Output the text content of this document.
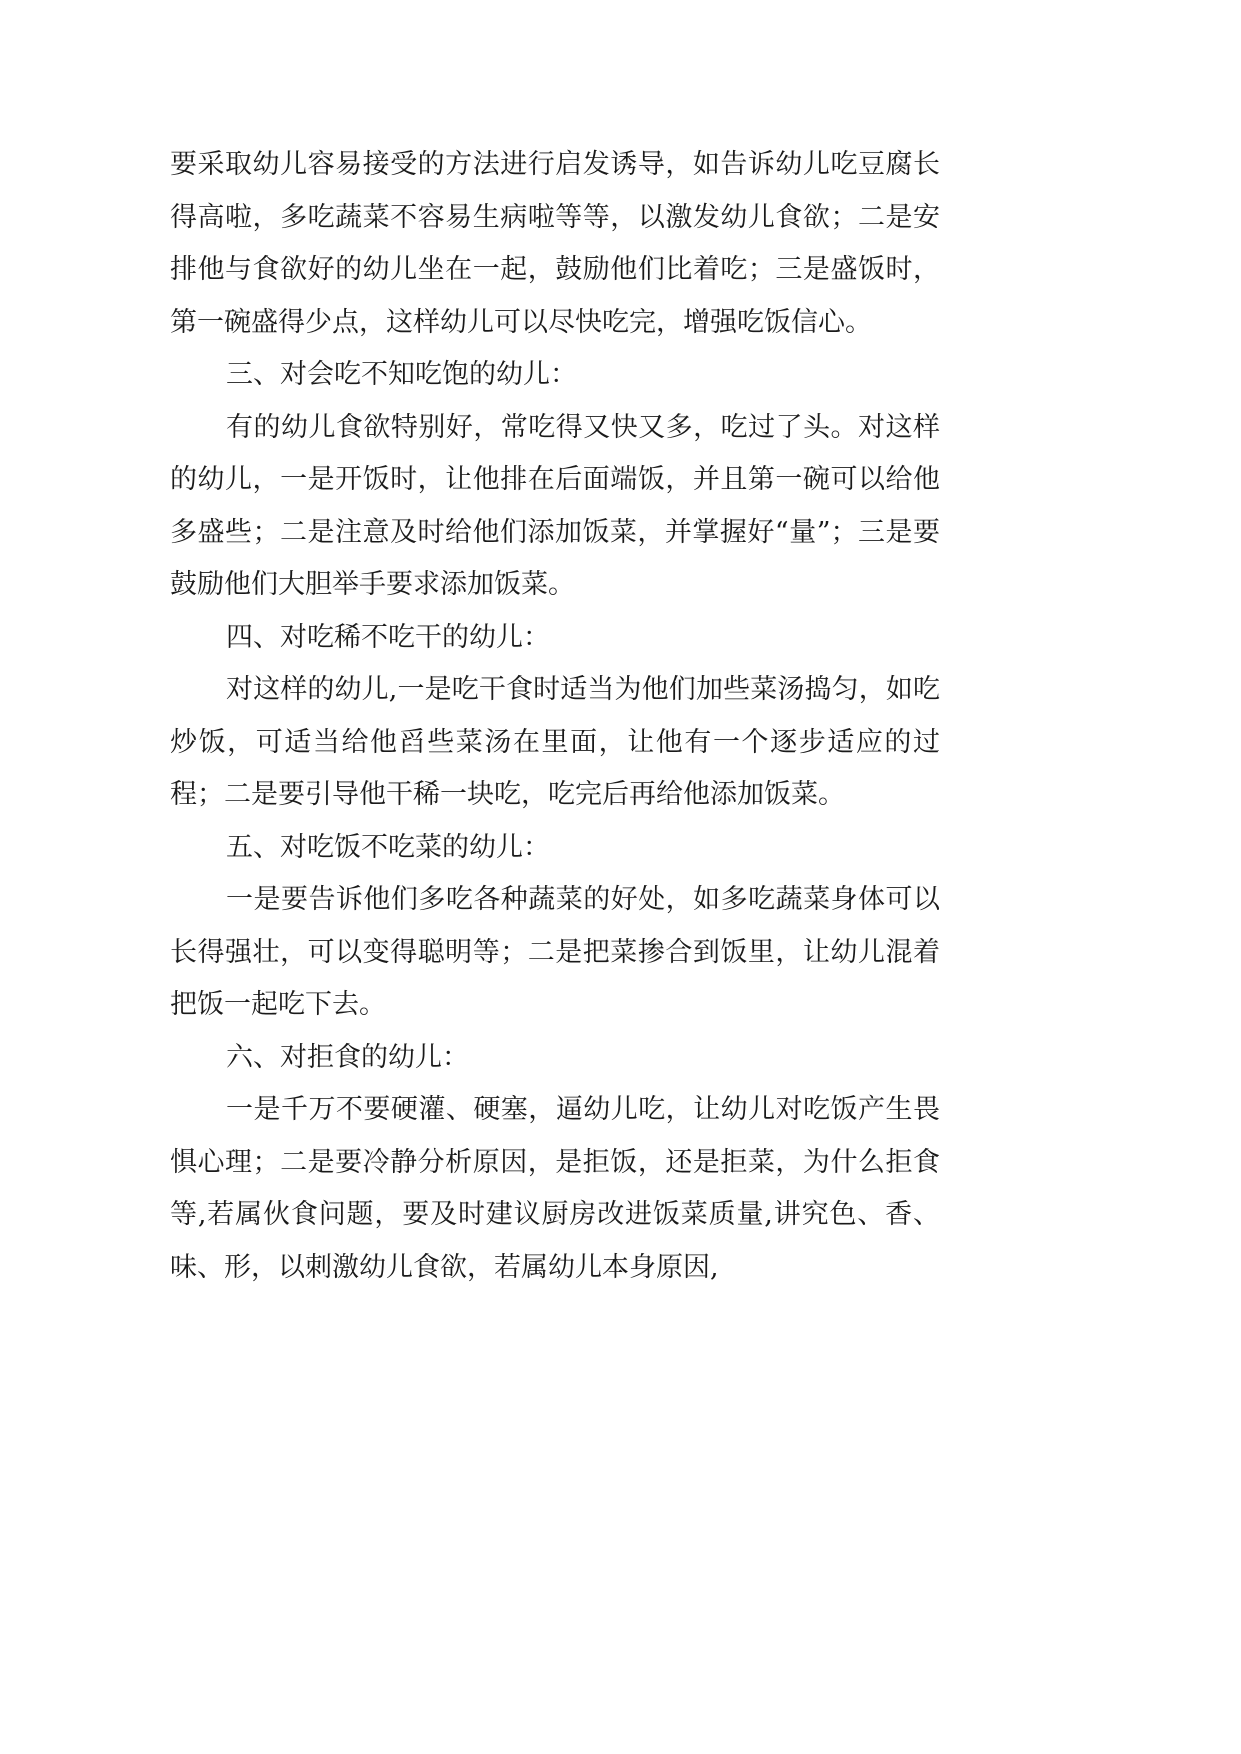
要采取幼儿容易接受的方法进行启发诱导，如告诉幼儿吃豆腐长得高啦，多吃蔬菜不容易生病啦等等，以激发幼儿食欲；二是安排他与食欲好的幼儿坐在一起，鼓励他们比着吃；三是盛饭时，第一碗盛得少点，这样幼儿可以尽快吃完，增强吃饭信心。

三、对会吃不知吃饱的幼儿：

有的幼儿食欲特别好，常吃得又快又多，吃过了头。对这样的幼儿，一是开饭时，让他排在后面端饭，并且第一碗可以给他多盛些；二是注意及时给他们添加饭菜，并掌握好“量”；三是要鼓励他们大胆举手要求添加饭菜。

四、对吃稀不吃干的幼儿：

对这样的幼儿,一是吃干食时适当为他们加些菜汤捣匀，如吃炒饭，可适当给他舀些菜汤在里面，让他有一个逐步适应的过程；二是要引导他干稀一块吃，吃完后再给他添加饭菜。

五、对吃饭不吃菜的幼儿：

一是要告诉他们多吃各种蔬菜的好处，如多吃蔬菜身体可以长得强壮，可以变得聪明等；二是把菜掺合到饭里，让幼儿混着把饭一起吃下去。

六、对拒食的幼儿：

一是千万不要硬灌、硬塞，逼幼儿吃，让幼儿对吃饭产生畏惧心理；二是要冷静分析原因，是拒饭，还是拒菜，为什么拒食等,若属伙食问题，要及时建议厨房改进饭菜质量,讲究色、香、味、形，以刺激幼儿食欲，若属幼儿本身原因,
